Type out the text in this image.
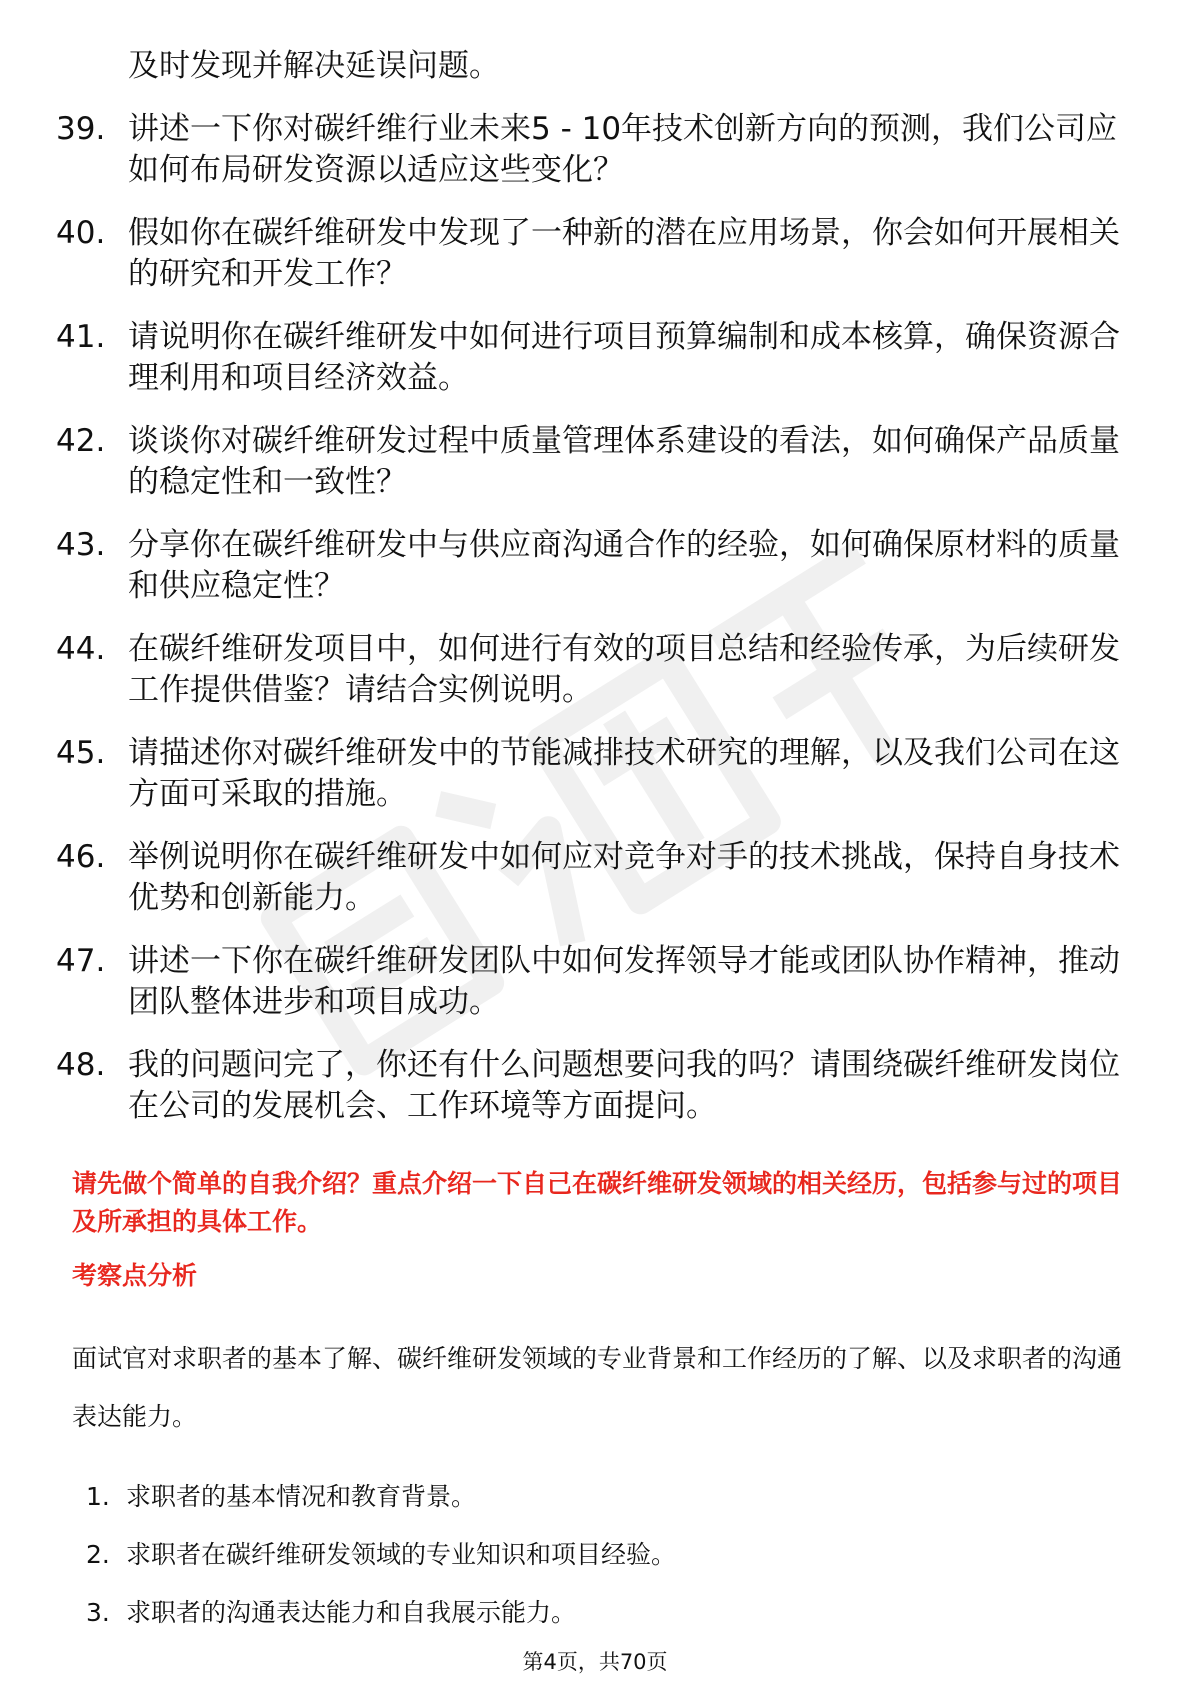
及时发现并解决延误问题。
39. 讲述一下你对碳纤维行业未来5 - 10年技术创新方向的预测，我们公司应如何布局研发资源以适应这些变化？
40. 假如你在碳纤维研发中发现了一种新的潜在应用场景，你会如何开展相关的研究和开发工作？
41. 请说明你在碳纤维研发中如何进行项目预算编制和成本核算，确保资源合理利用和项目经济效益。
42. 谈谈你对碳纤维研发过程中质量管理体系建设的看法，如何确保产品质量的稳定性和一致性？
43. 分享你在碳纤维研发中与供应商沟通合作的经验，如何确保原材料的质量和供应稳定性？
44. 在碳纤维研发项目中，如何进行有效的项目总结和经验传承，为后续研发工作提供借鉴？请结合实例说明。
45. 请描述你对碳纤维研发中的节能减排技术研究的理解，以及我们公司在这方面可采取的措施。
46. 举例说明你在碳纤维研发中如何应对竞争对手的技术挑战，保持自身技术优势和创新能力。
47. 讲述一下你在碳纤维研发团队中如何发挥领导才能或团队协作精神，推动团队整体进步和项目成功。
48. 我的问题问完了，你还有什么问题想要问我的吗？请围绕碳纤维研发岗位在公司的发展机会、工作环境等方面提问。
请先做个简单的自我介绍？重点介绍一下自己在碳纤维研发领域的相关经历，包括参与过的项目及所承担的具体工作。
考察点分析
面试官对求职者的基本了解、碳纤维研发领域的专业背景和工作经历的了解、以及求职者的沟通表达能力。
1. 求职者的基本情况和教育背景。
2. 求职者在碳纤维研发领域的专业知识和项目经验。
3. 求职者的沟通表达能力和自我展示能力。
第4页，共70页
